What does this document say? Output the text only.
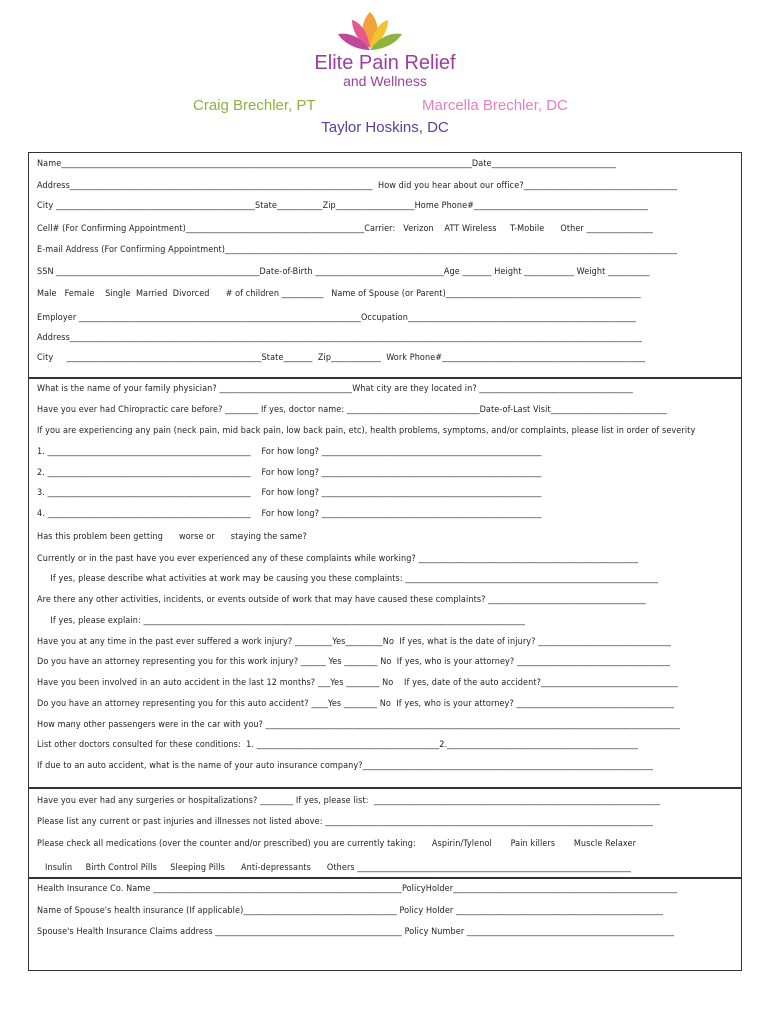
Elite Pain Relief
and Wellness
Craig Brechler, PT	Marcella Brechler, DC
Taylor Hoskins, DC
Name___________________________________________________________________________________________________Date______________________________
Address_________________________________________________________________________  How did you hear about our office?_____________________________________
City ________________________________________________State___________Zip___________________Home Phone#__________________________________________
Cell# (For Confirming Appointment)___________________________________________Carrier:   Verizon    ATT Wireless     T-Mobile      Other ________________
E-mail Address (For Confirming Appointment)_____________________________________________________________________________________________________________
SSN _________________________________________________Date-of-Birth _______________________________Age _______ Height ____________ Weight __________
Male   Female    Single  Married  Divorced      # of children __________   Name of Spouse (or Parent)_______________________________________________
Employer ____________________________________________________________________Occupation_______________________________________________________
Address__________________________________________________________________________________________________________________________________________
City     _______________________________________________State_______  Zip____________  Work Phone#_________________________________________________
What is the name of your family physician? ________________________________What city are they located in? _____________________________________
Have you ever had Chiropractic care before? ________ If yes, doctor name: ________________________________Date-of-Last Visit____________________________
If you are experiencing any pain (neck pain, mid back pain, low back pain, etc), health problems, symptoms, and/or complaints, please list in order of severity
1. _________________________________________________    For how long? _____________________________________________________
2. _________________________________________________    For how long? _____________________________________________________
3. _________________________________________________    For how long? _____________________________________________________
4. _________________________________________________    For how long? _____________________________________________________
Has this problem been getting      worse or      staying the same?
Currently or in the past have you ever experienced any of these complaints while working? _____________________________________________________
If yes, please describe what activities at work may be causing you these complaints: _____________________________________________________________
Are there any other activities, incidents, or events outside of work that may have caused these complaints? ______________________________________
If yes, please explain: ____________________________________________________________________________________________
Have you at any time in the past ever suffered a work injury? _________Yes_________No  If yes, what is the date of injury? ________________________________
Do you have an attorney representing you for this work injury? ______ Yes ________ No  If yes, who is your attorney? _____________________________________
Have you been involved in an auto accident in the last 12 months? ___Yes ________ No    If yes, date of the auto accident?_________________________________
Do you have an attorney representing you for this auto accident? ____Yes ________ No  If yes, who is your attorney? ______________________________________
How many other passengers were in the car with you? ____________________________________________________________________________________________________
List other doctors consulted for these conditions:  1. ____________________________________________2.______________________________________________
If due to an auto accident, what is the name of your auto insurance company?______________________________________________________________________
Have you ever had any surgeries or hospitalizations? ________ If yes, please list:  _____________________________________________________________________
Please list any current or past injuries and illnesses not listed above: _______________________________________________________________________________
Please check all medications (over the counter and/or prescribed) you are currently taking:      Aspirin/Tylenol       Pain killers       Muscle Relaxer
Insulin     Birth Control Pills     Sleeping Pills      Anti-depressants      Others __________________________________________________________________
Health Insurance Co. Name ____________________________________________________________PolicyHolder______________________________________________________
Name of Spouse's health insurance (If applicable)_____________________________________ Policy Holder __________________________________________________
Spouse's Health Insurance Claims address _____________________________________________ Policy Number __________________________________________________
